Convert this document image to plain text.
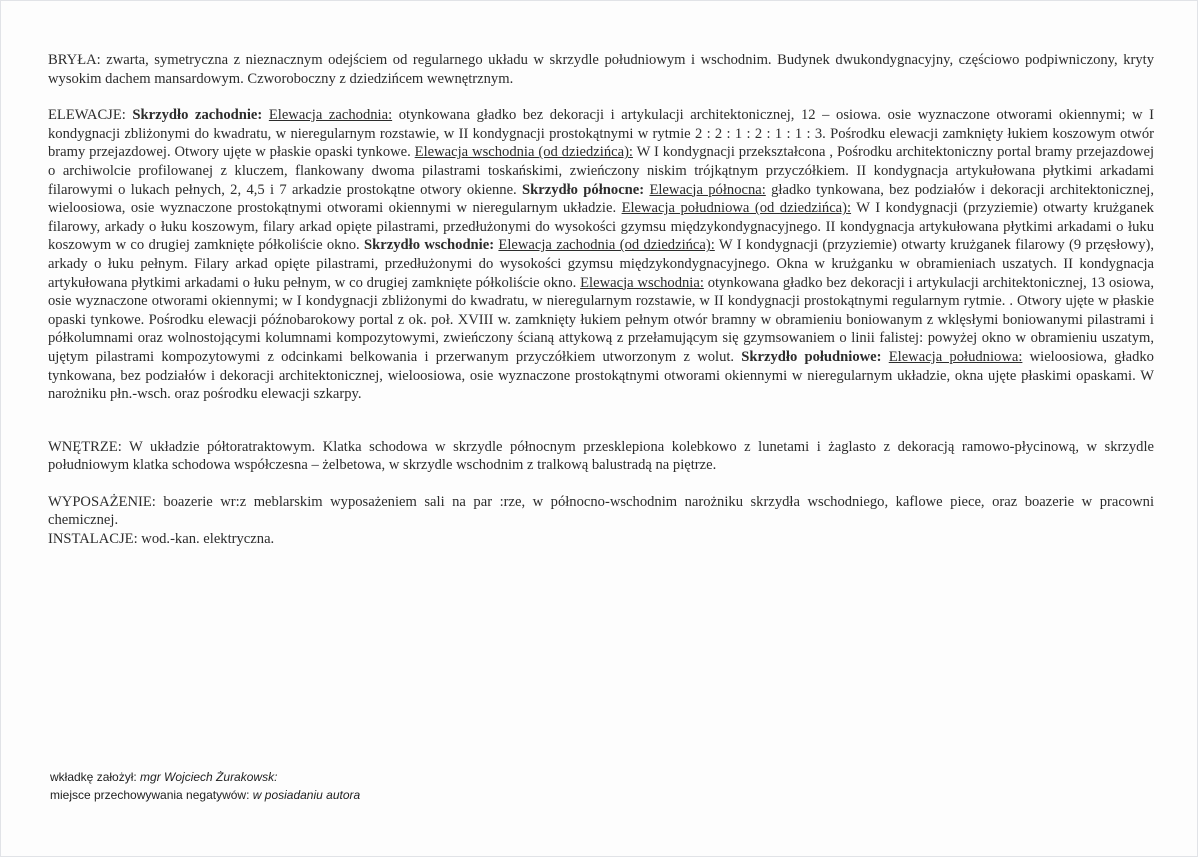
BRYŁA: zwarta, symetryczna z nieznacznym odejściem od regularnego układu w skrzydle południowym i wschodnim. Budynek dwukondygnacyjny, częściowo podpiwniczony, kryty wysokim dachem mansardowym. Czworoboczny z dziedzińcem wewnętrznym.

ELEWACJE: Skrzydło zachodnie: Elewacja zachodnia: otynkowana gładko bez dekoracji i artykulacji architektonicznej, 12 – osiowa. osie wyznaczone otworami okiennymi; w I kondygnacji zbliżonymi do kwadratu, w nieregularnym rozstawie, w II kondygnacji prostokątnymi w rytmie 2 : 2 : 1 : 2 : 1 : 1 : 3. Pośrodku elewacji zamknięty łukiem koszowym otwór bramy przejazdowej. Otwory ujęte w płaskie opaski tynkowe. Elewacja wschodnia (od dziedzińca): W I kondygnacji przekształcona , Pośrodku architektoniczny portal bramy przejazdowej o archiwolcie profilowanej z kluczem, flankowany dwoma pilastrami toskańskimi, zwieńczony niskim trójkątnym przyczółkiem. II kondygnacja artykułowana płytkimi arkadami filarowymi o lukach pełnych, 2, 4,5 i 7 arkadzie prostokątne otwory okienne. Skrzydło północne: Elewacja północna: gładko tynkowana, bez podziałów i dekoracji architektonicznej, wieloosiowa, osie wyznaczone prostokątnymi otworami okiennymi w nieregularnym układzie. Elewacja południowa (od dziedzińca): W I kondygnacji (przyziemie) otwarty krużganek filarowy, arkady o łuku koszowym, filary arkad opięte pilastrami, przedłużonymi do wysokości gzymsu międzykondygnacyjnego. II kondygnacja artykułowana płytkimi arkadami o łuku koszowym w co drugiej zamknięte półkoliście okno. Skrzydło wschodnie: Elewacja zachodnia (od dziedzińca): W I kondygnacji (przyziemie) otwarty krużganek filarowy (9 przęsłowy), arkady o łuku pełnym. Filary arkad opięte pilastrami, przedłużonymi do wysokości gzymsu międzykondygnacyjnego. Okna w krużganku w obramieniach uszatych. II kondygnacja artykułowana płytkimi arkadami o łuku pełnym, w co drugiej zamknięte półkoliście okno. Elewacja wschodnia: otynkowana gładko bez dekoracji i artykulacji architektonicznej, 13 osiowa, osie wyznaczone otworami okiennymi; w I kondygnacji zbliżonymi do kwadratu, w nieregularnym rozstawie, w II kondygnacji prostokątnymi regularnym rytmie. . Otwory ujęte w płaskie opaski tynkowe. Pośrodku elewacji późnobarokowy portal z ok. poł. XVIII w. zamknięty łukiem pełnym otwór bramny w obramieniu boniowanym z wklęsłymi boniowanymi pilastrami i półkolumnami oraz wolnostojącymi kolumnami kompozytowymi, zwieńczony ścianą attykową z przełamującym się gzymsowaniem o linii falistej: powyżej okno w obramieniu uszatym, ujętym pilastrami kompozytowymi z odcinkami belkowania i przerwanym przyczółkiem utworzonym z wolut. Skrzydło południowe: Elewacja południowa: wieloosiowa, gładko tynkowana, bez podziałów i dekoracji architektonicznej, wieloosiowa, osie wyznaczone prostokątnymi otworami okiennymi w nieregularnym układzie, okna ujęte płaskimi opaskami. W narożniku płn.-wsch. oraz pośrodku elewacji szkarpy.

WNĘTRZE: W układzie półtoratraktowym. Klatka schodowa w skrzydle północnym przesklepiona kolebkowo z lunetami i żaglasto z dekoracją ramowo-płycinową, w skrzydle południowym klatka schodowa współczesna – żelbetowa, w skrzydle wschodnim z tralkową balustradą na piętrze.

WYPOSAŻENIE: boazerie wr:z meblarskim wyposażeniem sali na par :rze, w północno-wschodnim narożniku skrzydła wschodniego, kaflowe piece, oraz boazerie w pracowni chemicznej.

INSTALACJE: wod.-kan. elektryczna.

wkładkę założył: mgr Wojciech Żurakowsk:
miejsce przechowywania negatywów: w posiadaniu autora
